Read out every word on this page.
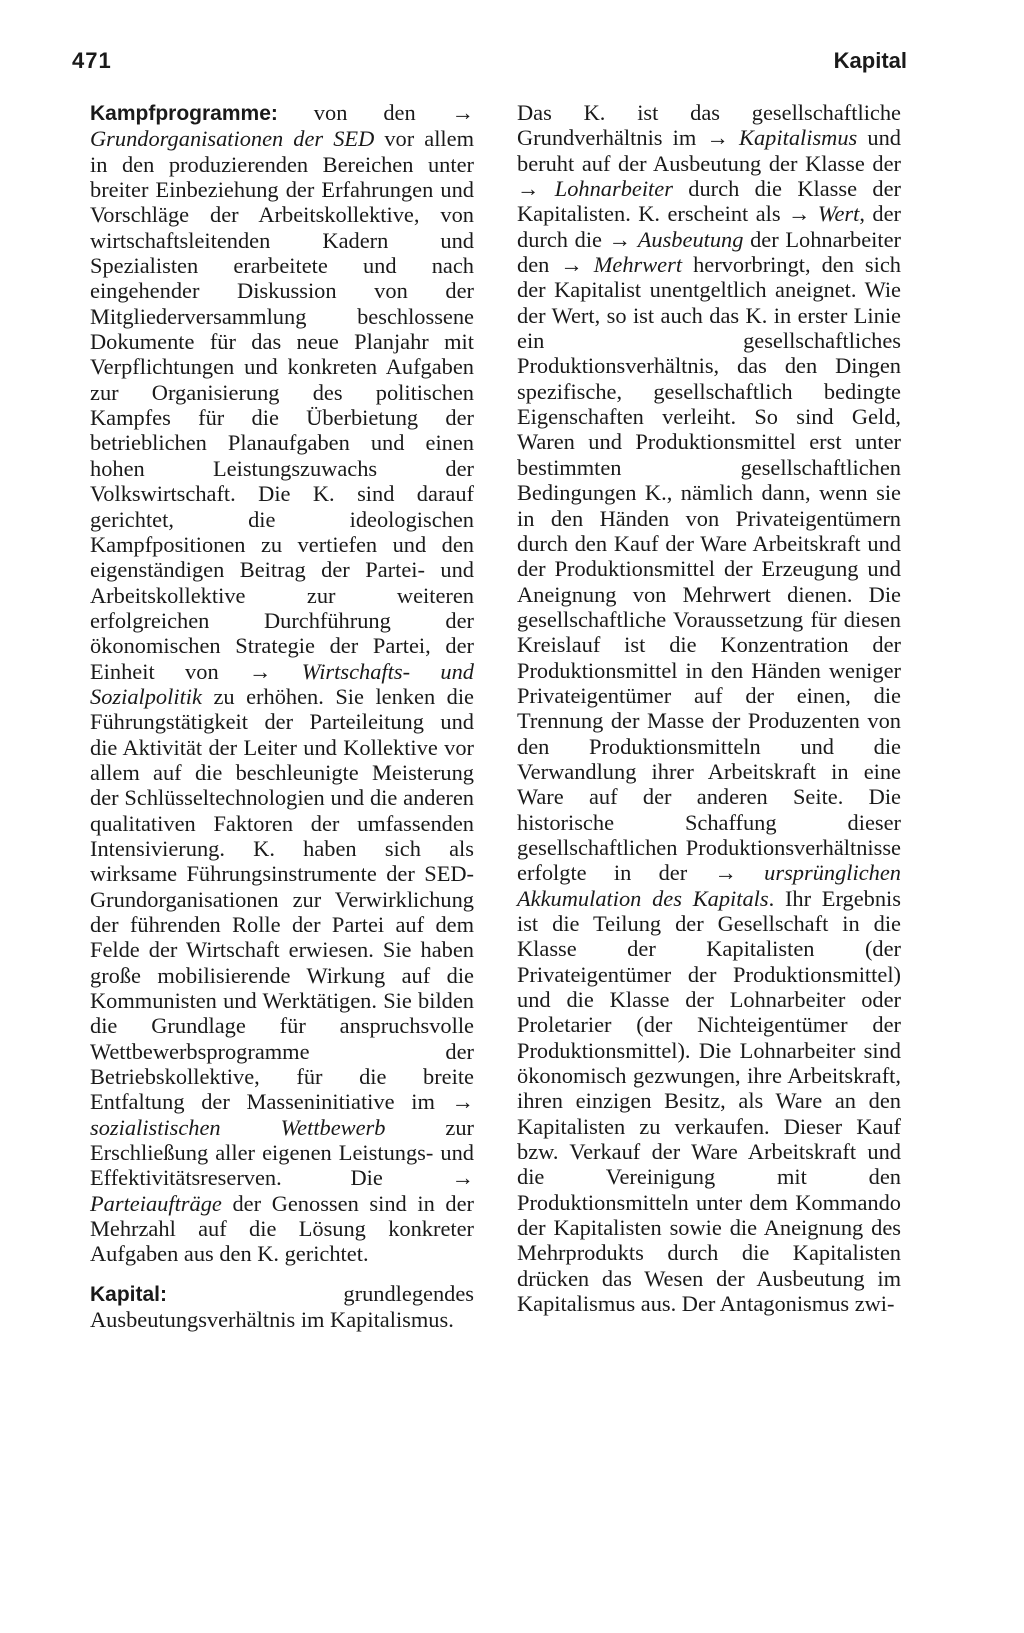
471	Kapital

Kampfprogramme: von den → Grundorganisationen der SED vor allem in den produzierenden Bereichen unter breiter Einbeziehung der Erfahrungen und Vorschläge der Arbeitskollektive, von wirtschaftsleitenden Kadern und Spezialisten erarbeitete und nach eingehender Diskussion von der Mitgliederversammlung beschlossene Dokumente für das neue Planjahr mit Verpflichtungen und konkreten Aufgaben zur Organisierung des politischen Kampfes für die Überbietung der betrieblichen Planaufgaben und einen hohen Leistungszuwachs der Volkswirtschaft. Die K. sind darauf gerichtet, die ideologischen Kampfpositionen zu vertiefen und den eigenständigen Beitrag der Partei- und Arbeitskollektive zur weiteren erfolgreichen Durchführung der ökonomischen Strategie der Partei, der Einheit von → Wirtschafts- und Sozialpolitik zu erhöhen. Sie lenken die Führungstätigkeit der Parteileitung und die Aktivität der Leiter und Kollektive vor allem auf die beschleunigte Meisterung der Schlüsseltechnologien und die anderen qualitativen Faktoren der umfassenden Intensivierung. K. haben sich als wirksame Führungsinstrumente der SED-Grundorganisationen zur Verwirklichung der führenden Rolle der Partei auf dem Felde der Wirtschaft erwiesen. Sie haben große mobilisierende Wirkung auf die Kommunisten und Werktätigen. Sie bilden die Grundlage für anspruchsvolle Wettbewerbsprogramme der Betriebskollektive, für die breite Entfaltung der Masseninitiative im → sozialistischen Wettbewerb zur Erschließung aller eigenen Leistungs- und Effektivitätsreserven. Die → Parteiaufträge der Genossen sind in der Mehrzahl auf die Lösung konkreter Aufgaben aus den K. gerichtet.

Kapital: grundlegendes Ausbeutungsverhältnis im Kapitalismus.

Das K. ist das gesellschaftliche Grundverhältnis im → Kapitalismus und beruht auf der Ausbeutung der Klasse der → Lohnarbeiter durch die Klasse der Kapitalisten. K. erscheint als → Wert, der durch die → Ausbeutung der Lohnarbeiter den → Mehrwert hervorbringt, den sich der Kapitalist unentgeltlich aneignet. Wie der Wert, so ist auch das K. in erster Linie ein gesellschaftliches Produktionsverhältnis, das den Dingen spezifische, gesellschaftlich bedingte Eigenschaften verleiht. So sind Geld, Waren und Produktionsmittel erst unter bestimmten gesellschaftlichen Bedingungen K., nämlich dann, wenn sie in den Händen von Privateigentümern durch den Kauf der Ware Arbeitskraft und der Produktionsmittel der Erzeugung und Aneignung von Mehrwert dienen. Die gesellschaftliche Voraussetzung für diesen Kreislauf ist die Konzentration der Produktionsmittel in den Händen weniger Privateigentümer auf der einen, die Trennung der Masse der Produzenten von den Produktionsmitteln und die Verwandlung ihrer Arbeitskraft in eine Ware auf der anderen Seite. Die historische Schaffung dieser gesellschaftlichen Produktionsverhältnisse erfolgte in der → ursprünglichen Akkumulation des Kapitals. Ihr Ergebnis ist die Teilung der Gesellschaft in die Klasse der Kapitalisten (der Privateigentümer der Produktionsmittel) und die Klasse der Lohnarbeiter oder Proletarier (der Nichteigentümer der Produktionsmittel). Die Lohnarbeiter sind ökonomisch gezwungen, ihre Arbeitskraft, ihren einzigen Besitz, als Ware an den Kapitalisten zu verkaufen. Dieser Kauf bzw. Verkauf der Ware Arbeitskraft und die Vereinigung mit den Produktionsmitteln unter dem Kommando der Kapitalisten sowie die Aneignung des Mehrprodukts durch die Kapitalisten drücken das Wesen der Ausbeutung im Kapitalismus aus. Der Antagonismus zwi-
